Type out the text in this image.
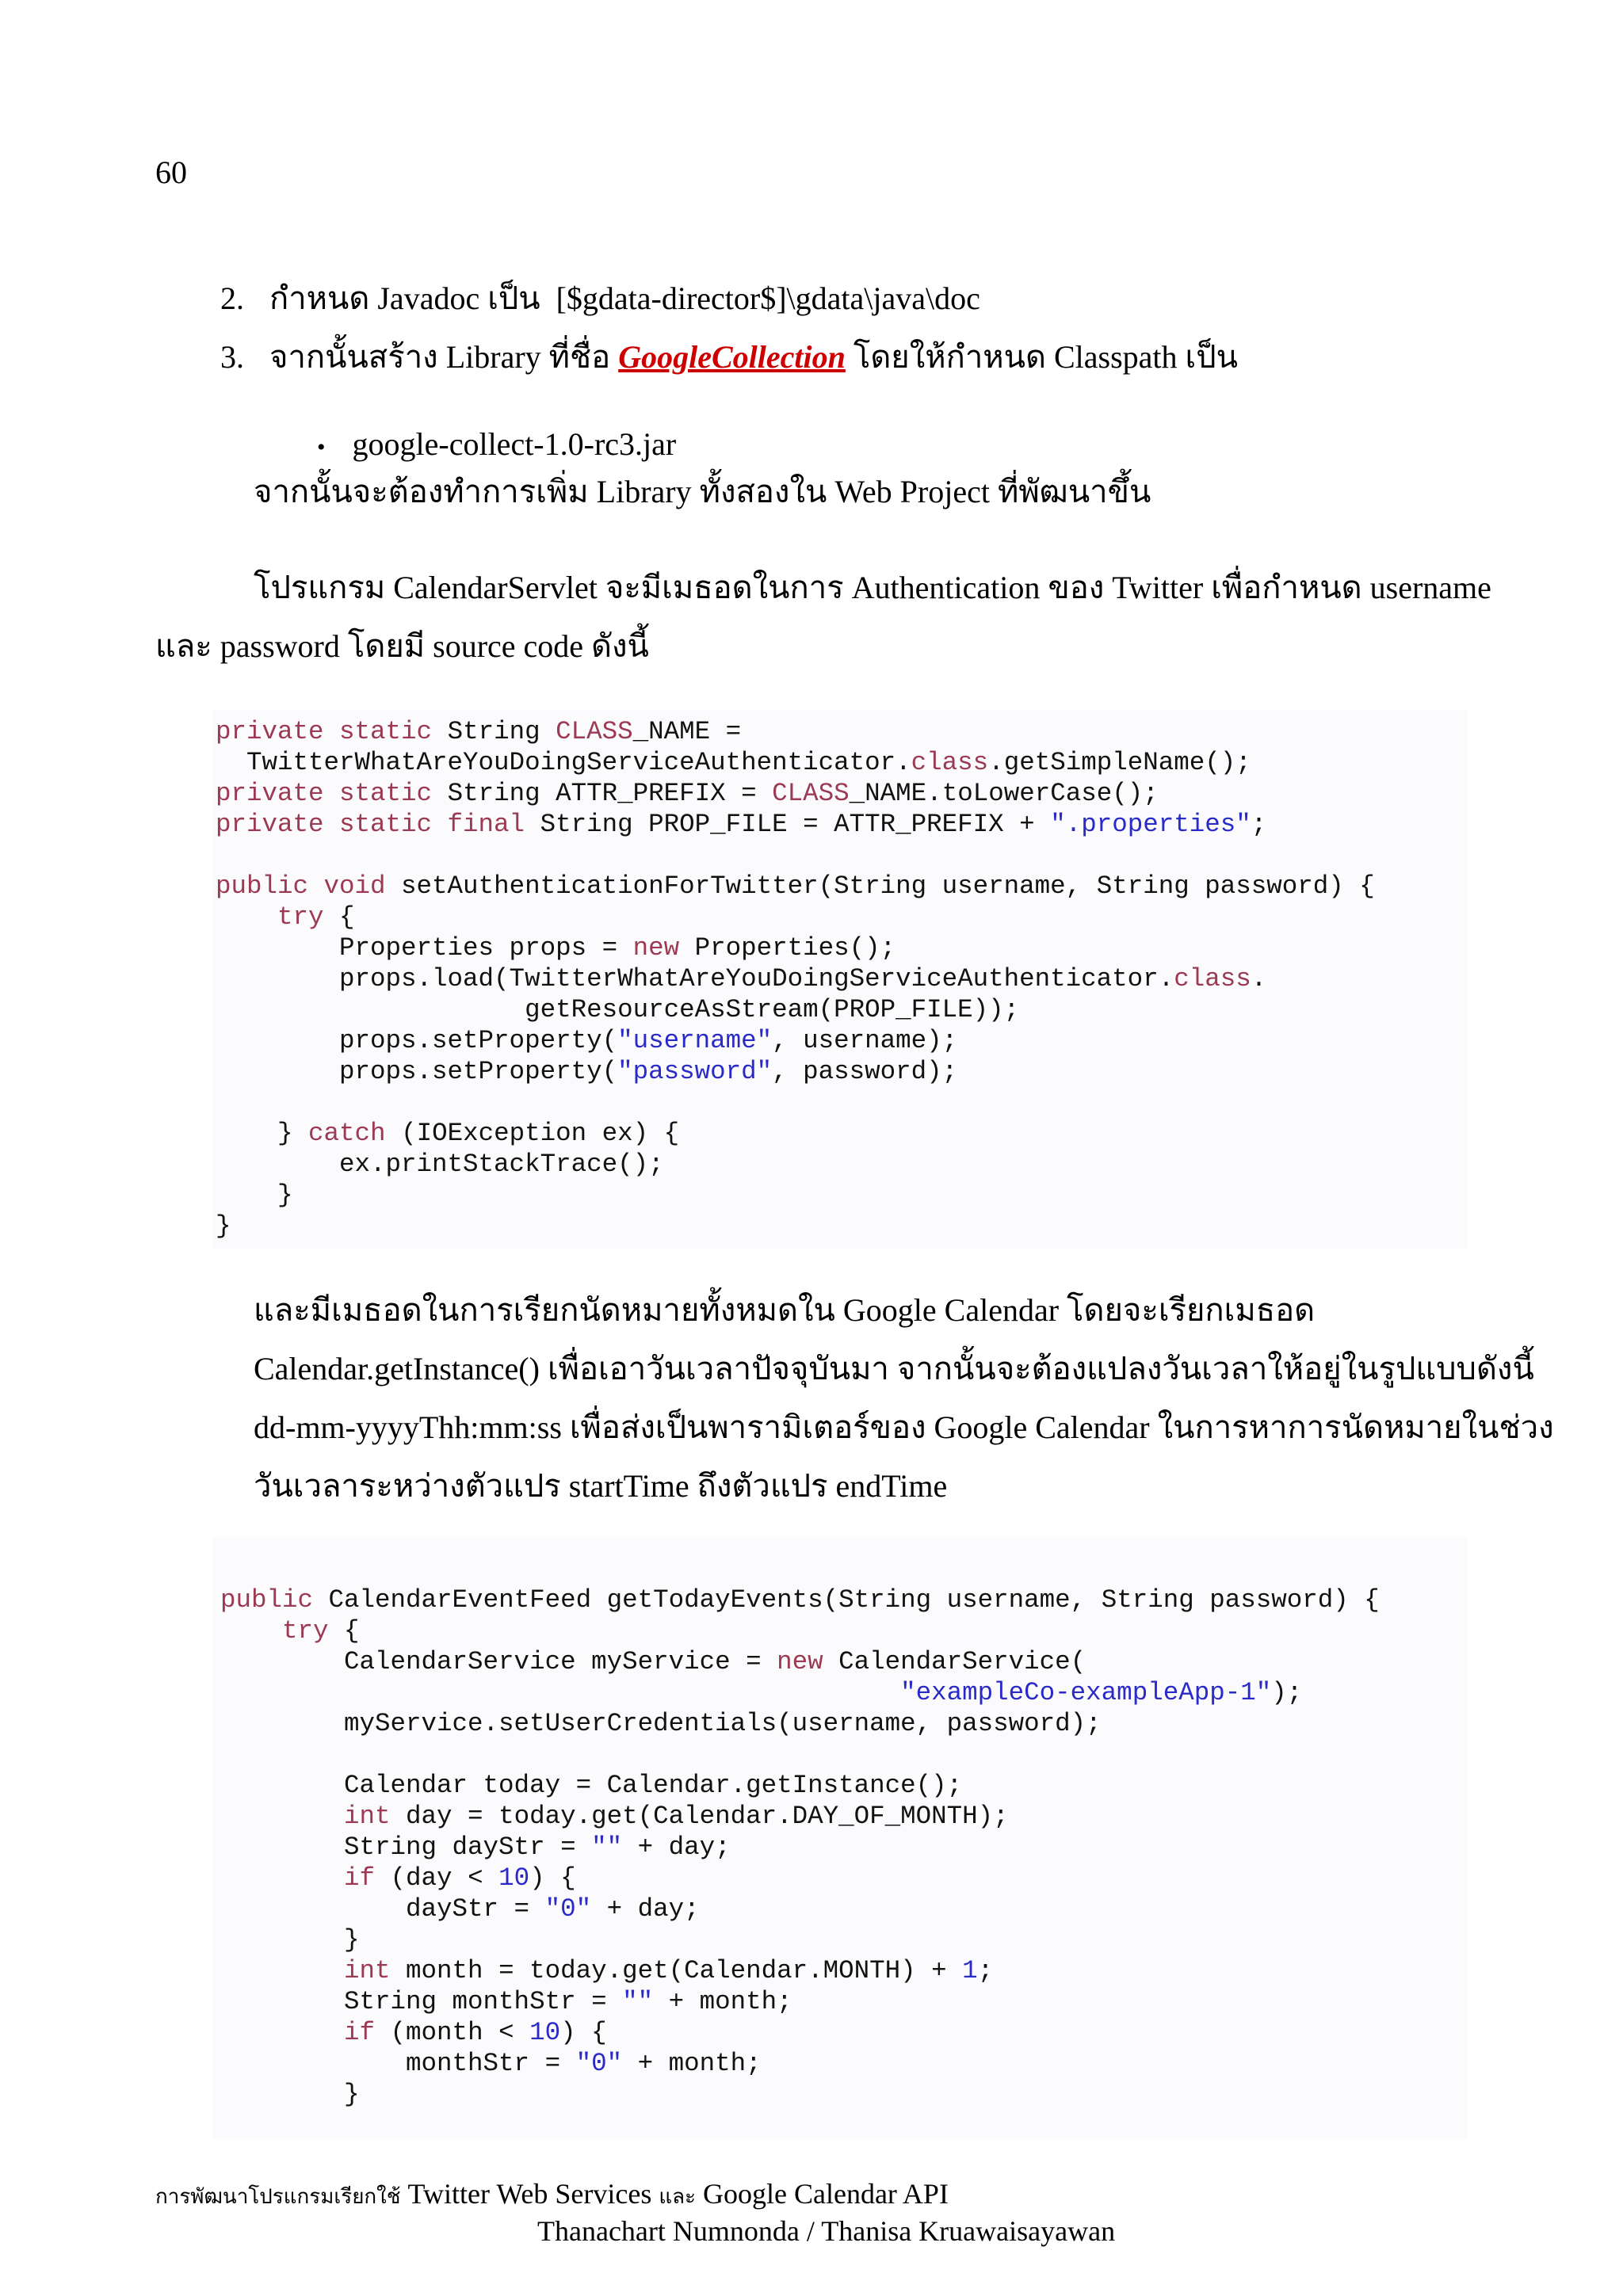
60

2. กำหนด Javadoc เป็น  [$gdata-director$]\gdata\java\doc

3. จากนั้นสร้าง Library ที่ชื่อ GoogleCollection โดยให้กำหนด Classpath เป็น

• google-collect-1.0-rc3.jar

จากนั้นจะต้องทำการเพิ่ม Library ทั้งสองใน Web Project ที่พัฒนาขึ้น
โปรแกรม CalendarServlet จะมีเมธอดในการ Authentication ของ Twitter เพื่อกำหนด username
และ password โดยมี source code ดังนี้
private static String CLASS_NAME =
TwitterWhatAreYouDoingServiceAuthenticator.class.getSimpleName();
private static String ATTR_PREFIX = CLASS_NAME.toLowerCase();
private static final String PROP_FILE = ATTR_PREFIX + ".properties";

public void setAuthenticationForTwitter(String username, String password) {
try {
Properties props = new Properties();
props.load(TwitterWhatAreYouDoingServiceAuthenticator.class.
getResourceAsStream(PROP_FILE));
props.setProperty("username", username);
props.setProperty("password", password);

} catch (IOException ex) {
ex.printStackTrace();
}
}
และมีเมธอดในการเรียกนัดหมายทั้งหมดใน Google Calendar โดยจะเรียกเมธอด
Calendar.getInstance() เพื่อเอาวันเวลาปัจจุบันมา จากนั้นจะต้องแปลงวันเวลาให้อยู่ในรูปแบบดังนี้
dd-mm-yyyyThh:mm:ss เพื่อส่งเป็นพารามิเตอร์ของ Google Calendar ในการหาการนัดหมายในช่วง
วันเวลาระหว่างตัวแปร startTime ถึงตัวแปร endTime
public CalendarEventFeed getTodayEvents(String username, String password) {
try {
CalendarService myService = new CalendarService(
"exampleCo-exampleApp-1");
myService.setUserCredentials(username, password);

Calendar today = Calendar.getInstance();
int day = today.get(Calendar.DAY_OF_MONTH);
String dayStr = "" + day;
if (day < 10) {
dayStr = "0" + day;
}
int month = today.get(Calendar.MONTH) + 1;
String monthStr = "" + month;
if (month < 10) {
monthStr = "0" + month;
}
การพัฒนาโปรแกรมเรียกใช้ Twitter Web Services และ Google Calendar API
Thanachart Numnonda / Thanisa Kruawaisayawan
